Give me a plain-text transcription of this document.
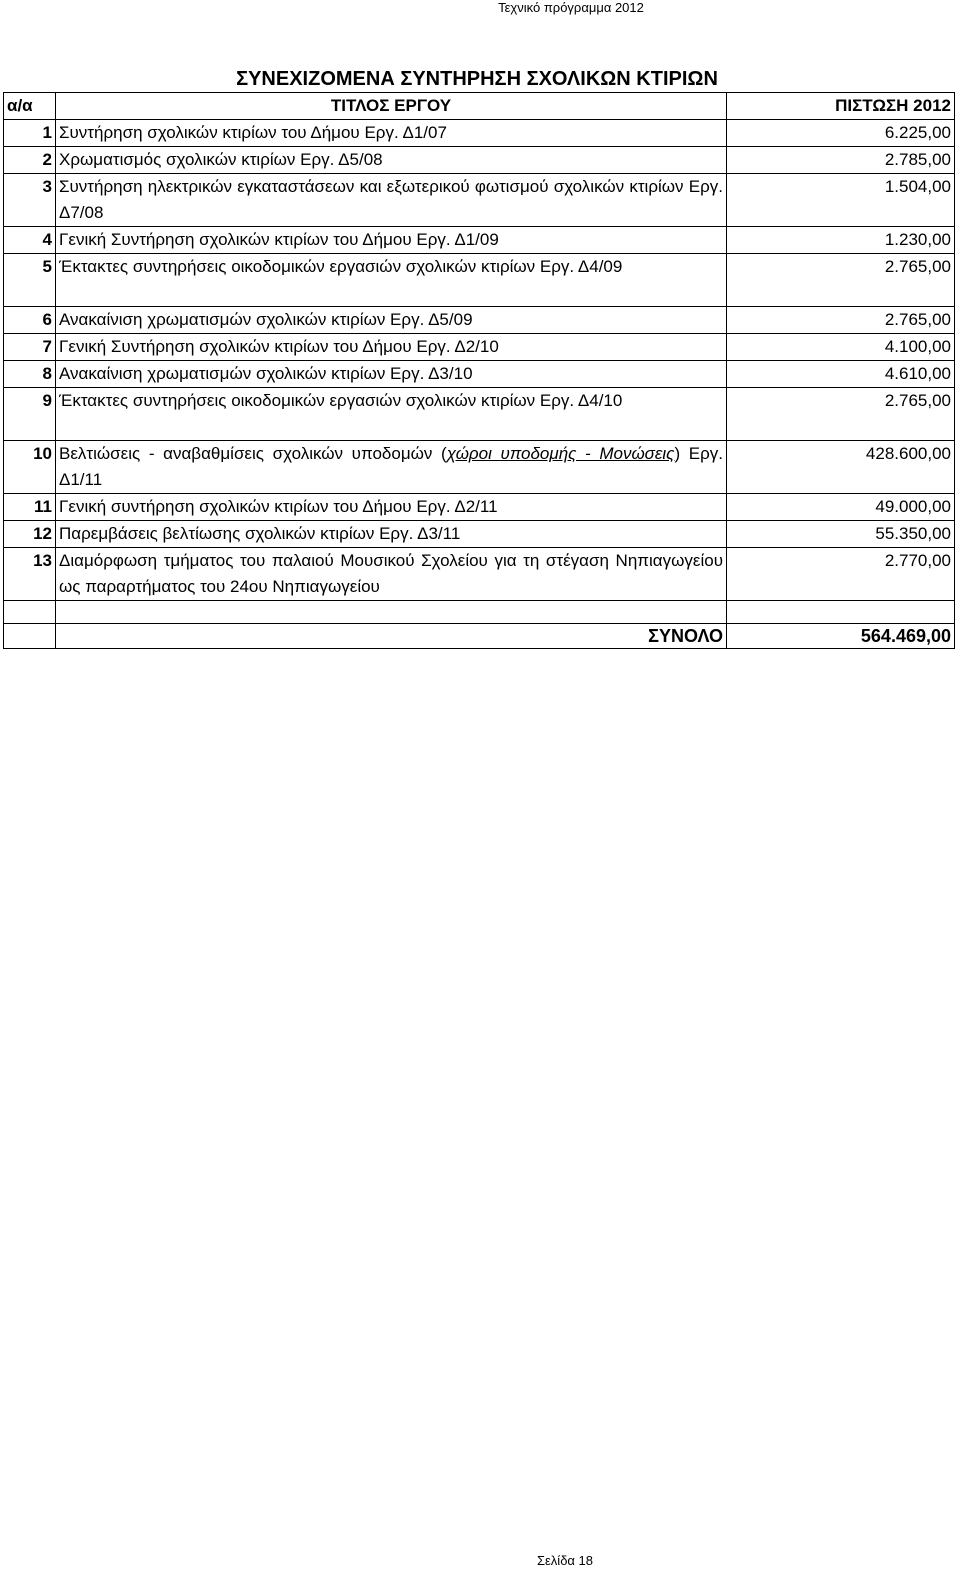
Τεχνικό πρόγραμμα 2012
ΣΥΝΕΧΙΖΟΜΕΝΑ ΣΥΝΤΗΡΗΣΗ ΣΧΟΛΙΚΩΝ ΚΤΙΡΙΩΝ
α/α	ΤΙΤΛΟΣ ΕΡΓΟΥ	ΠΙΣΤΩΣΗ 2012
1	Συντήρηση σχολικών κτιρίων του Δήμου Εργ. Δ1/07	6.225,00
2	Χρωματισμός σχολικών κτιρίων Εργ. Δ5/08	2.785,00
3	Συντήρηση ηλεκτρικών εγκαταστάσεων και εξωτερικού φωτισμού σχολικών κτιρίων Εργ. Δ7/08	1.504,00
4	Γενική Συντήρηση σχολικών κτιρίων του Δήμου Εργ. Δ1/09	1.230,00
5	Έκτακτες συντηρήσεις οικοδομικών εργασιών σχολικών κτιρίων Εργ. Δ4/09	2.765,00
6	Ανακαίνιση χρωματισμών σχολικών κτιρίων Εργ. Δ5/09	2.765,00
7	Γενική Συντήρηση σχολικών κτιρίων του Δήμου Εργ. Δ2/10	4.100,00
8	Ανακαίνιση χρωματισμών σχολικών κτιρίων Εργ. Δ3/10	4.610,00
9	Έκτακτες συντηρήσεις οικοδομικών εργασιών σχολικών κτιρίων Εργ. Δ4/10	2.765,00
10	Βελτιώσεις - αναβαθμίσεις σχολικών υποδομών (χώροι υποδομής - Μονώσεις) Εργ. Δ1/11	428.600,00
11	Γενική συντήρηση σχολικών κτιρίων του Δήμου Εργ. Δ2/11	49.000,00
12	Παρεμβάσεις βελτίωσης σχολικών κτιρίων Εργ. Δ3/11	55.350,00
13	Διαμόρφωση τμήματος του παλαιού Μουσικού Σχολείου για τη στέγαση Νηπιαγωγείου ως παραρτήματος του 24ου Νηπιαγωγείου	2.770,00

	ΣΥΝΟΛΟ	564.469,00
Σελίδα 18
